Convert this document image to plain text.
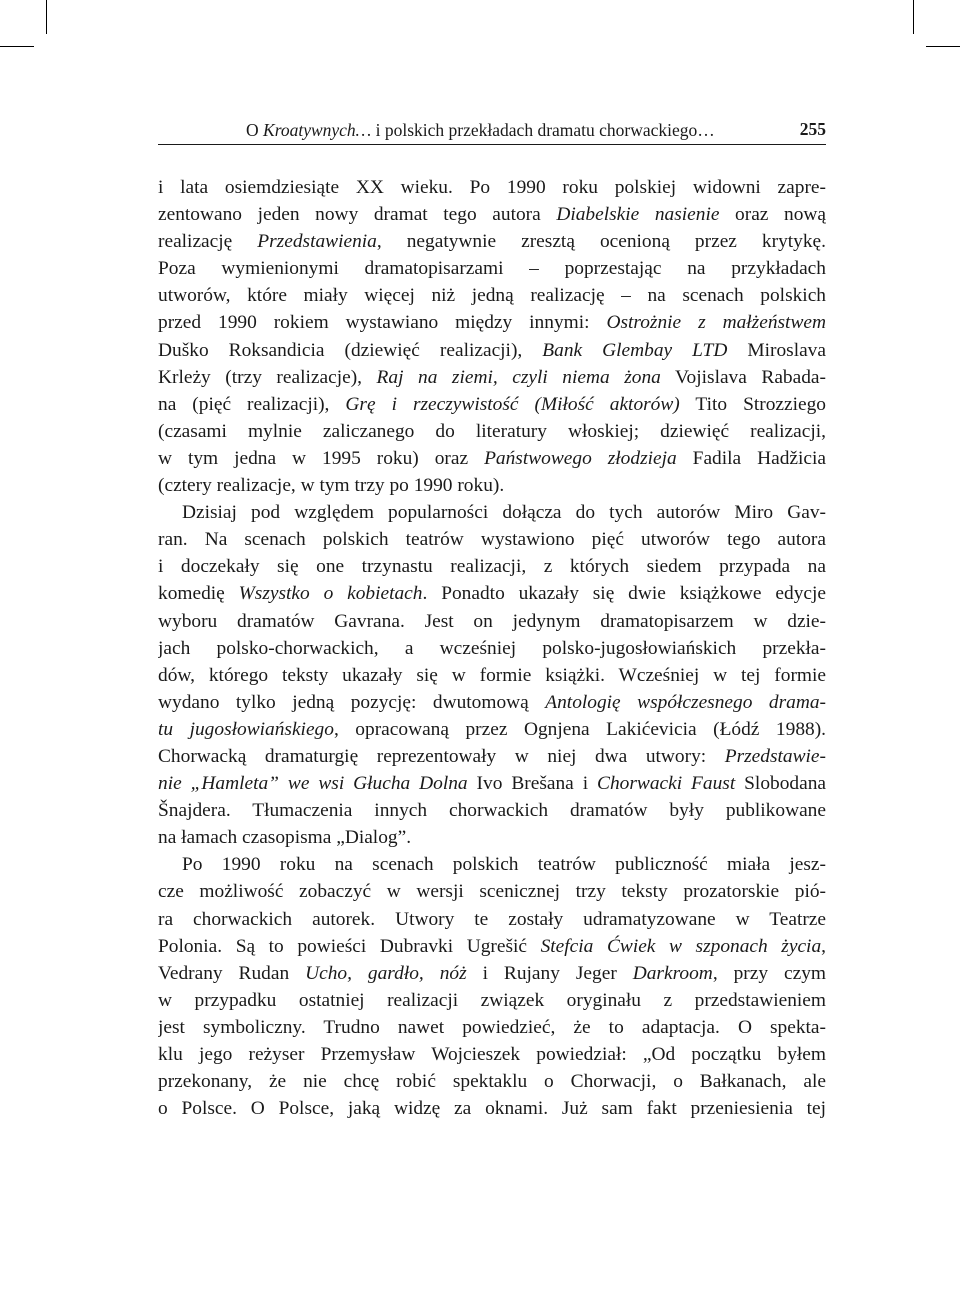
O Kroatywnych… i polskich przekładach dramatu chorwackiego…	255
i lata osiemdziesiąte XX wieku. Po 1990 roku polskiej widowni zapre-
zentowano jeden nowy dramat tego autora Diabelskie nasienie oraz nową
realizację Przedstawienia, negatywnie zresztą ocenioną przez krytykę.
Poza wymienionymi dramatopisarzami – poprzestając na przykładach
utworów, które miały więcej niż jedną realizację – na scenach polskich
przed 1990 rokiem wystawiano między innymi: Ostrożnie z małżeństwem
Duško Roksandicia (dziewięć realizacji), Bank Glembay LTD Miroslava
Krleży (trzy realizacje), Raj na ziemi, czyli niema żona Vojislava Rabada-
na (pięć realizacji), Grę i rzeczywistość (Miłość aktorów) Tito Strozziego
(czasami mylnie zaliczanego do literatury włoskiej; dziewięć realizacji,
w tym jedna w 1995 roku) oraz Państwowego złodzieja Fadila Hadžicia
(cztery realizacje, w tym trzy po 1990 roku).
Dzisiaj pod względem popularności dołącza do tych autorów Miro Gav-
ran. Na scenach polskich teatrów wystawiono pięć utworów tego autora
i doczekały się one trzynastu realizacji, z których siedem przypada na
komedię Wszystko o kobietach. Ponadto ukazały się dwie książkowe edycje
wyboru dramatów Gavrana. Jest on jedynym dramatopisarzem w dzie-
jach polsko-chorwackich, a wcześniej polsko-jugosłowiańskich przekła-
dów, którego teksty ukazały się w formie książki. Wcześniej w tej formie
wydano tylko jedną pozycję: dwutomową Antologię współczesnego drama-
tu jugosłowiańskiego, opracowaną przez Ognjena Lakićevicia (Łódź 1988).
Chorwacką dramaturgię reprezentowały w niej dwa utwory: Przedstawie-
nie „Hamleta” we wsi Głucha Dolna Ivo Brešana i Chorwacki Faust Slobodana
Šnajdera. Tłumaczenia innych chorwackich dramatów były publikowane
na łamach czasopisma „Dialog”.
Po 1990 roku na scenach polskich teatrów publiczność miała jesz-
cze możliwość zobaczyć w wersji scenicznej trzy teksty prozatorskie pió-
ra chorwackich autorek. Utwory te zostały udramatyzowane w Teatrze
Polonia. Są to powieści Dubravki Ugrešić Stefcia Ćwiek w szponach życia,
Vedrany Rudan Ucho, gardło, nóż i Rujany Jeger Darkroom, przy czym
w przypadku ostatniej realizacji związek oryginału z przedstawieniem
jest symboliczny. Trudno nawet powiedzieć, że to adaptacja. O spekta-
klu jego reżyser Przemysław Wojcieszek powiedział: „Od początku byłem
przekonany, że nie chcę robić spektaklu o Chorwacji, o Bałkanach, ale
o Polsce. O Polsce, jaką widzę za oknami. Już sam fakt przeniesienia tej
